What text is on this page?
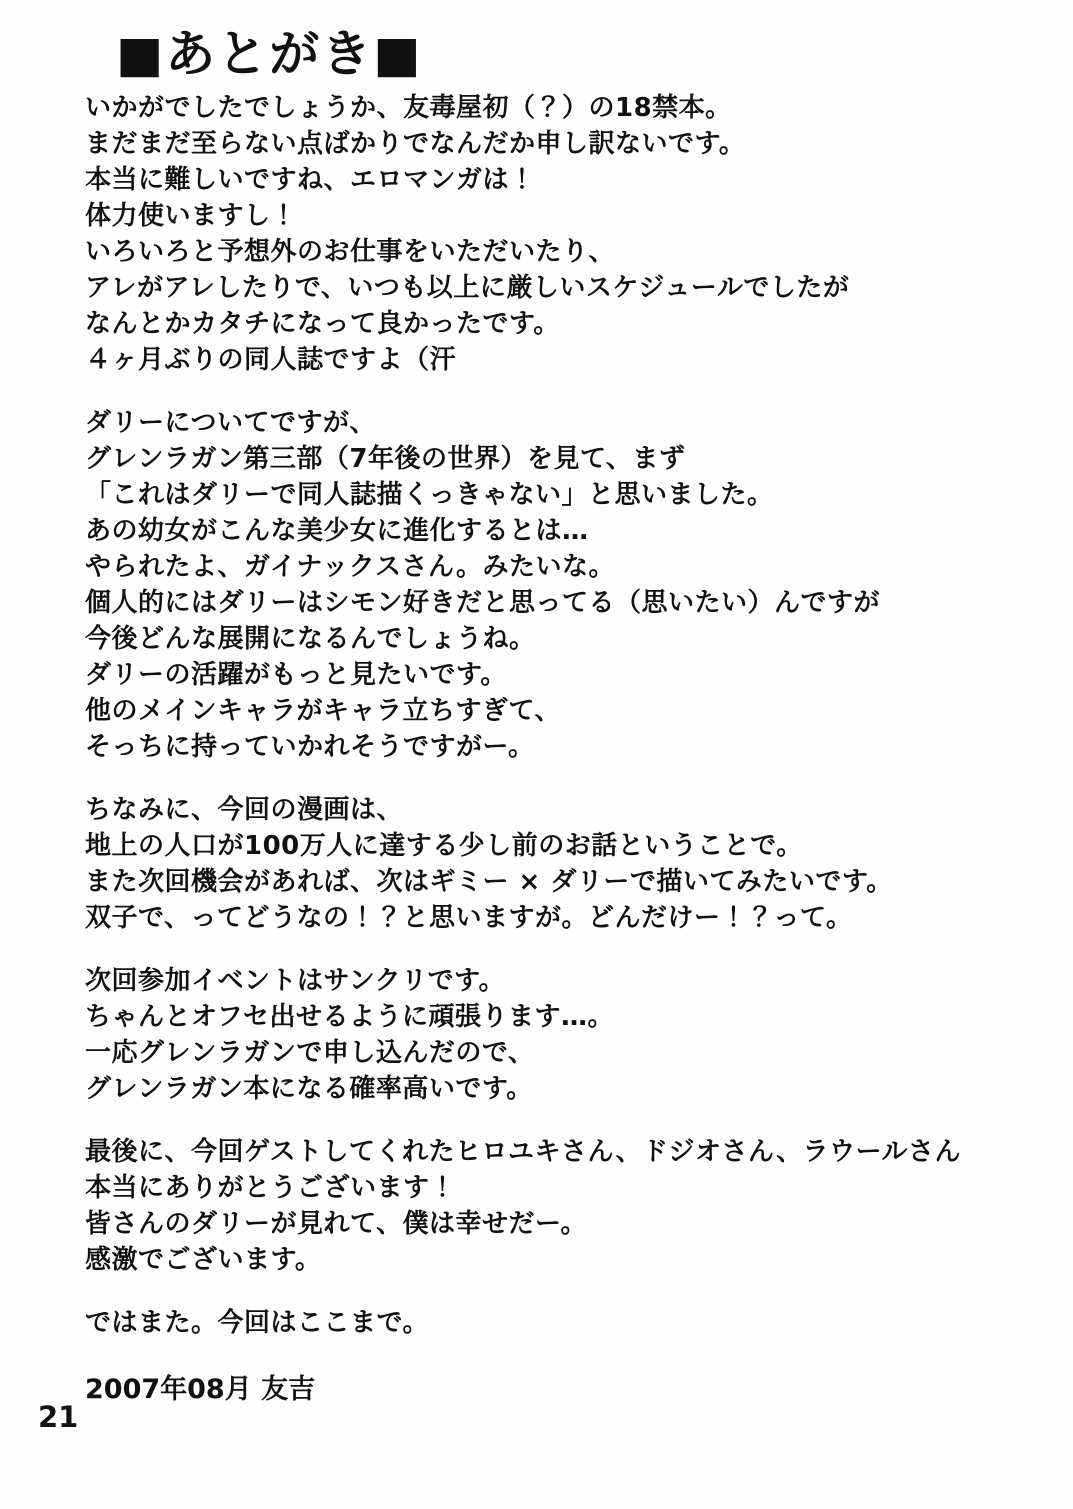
■あとがき■
いかがでしたでしょうか、友毒屋初（？）の18禁本。
まだまだ至らない点ばかりでなんだか申し訳ないです。
本当に難しいですね、エロマンガは！
体力使いますし！
いろいろと予想外のお仕事をいただいたり、
アレがアレしたりで、いつも以上に厳しいスケジュールでしたが
なんとかカタチになって良かったです。
４ヶ月ぶりの同人誌ですよ（汗
ダリーについてですが、
グレンラガン第三部（7年後の世界）を見て、まず
「これはダリーで同人誌描くっきゃない」と思いました。
あの幼女がこんな美少女に進化するとは…
やられたよ、ガイナックスさん。みたいな。
個人的にはダリーはシモン好きだと思ってる（思いたい）んですが
今後どんな展開になるんでしょうね。
ダリーの活躍がもっと見たいです。
他のメインキャラがキャラ立ちすぎて、
そっちに持っていかれそうですがー。
ちなみに、今回の漫画は、
地上の人口が100万人に達する少し前のお話ということで。
また次回機会があれば、次はギミー × ダリーで描いてみたいです。
双子で、ってどうなの！？と思いますが。どんだけー！？って。
次回参加イベントはサンクリです。
ちゃんとオフセ出せるように頑張ります…。
一応グレンラガンで申し込んだので、
グレンラガン本になる確率高いです。
最後に、今回ゲストしてくれたヒロユキさん、ドジオさん、ラウールさん
本当にありがとうございます！
皆さんのダリーが見れて、僕は幸せだー。
感激でございます。
ではまた。今回はここまで。
2007年08月 友吉
21
